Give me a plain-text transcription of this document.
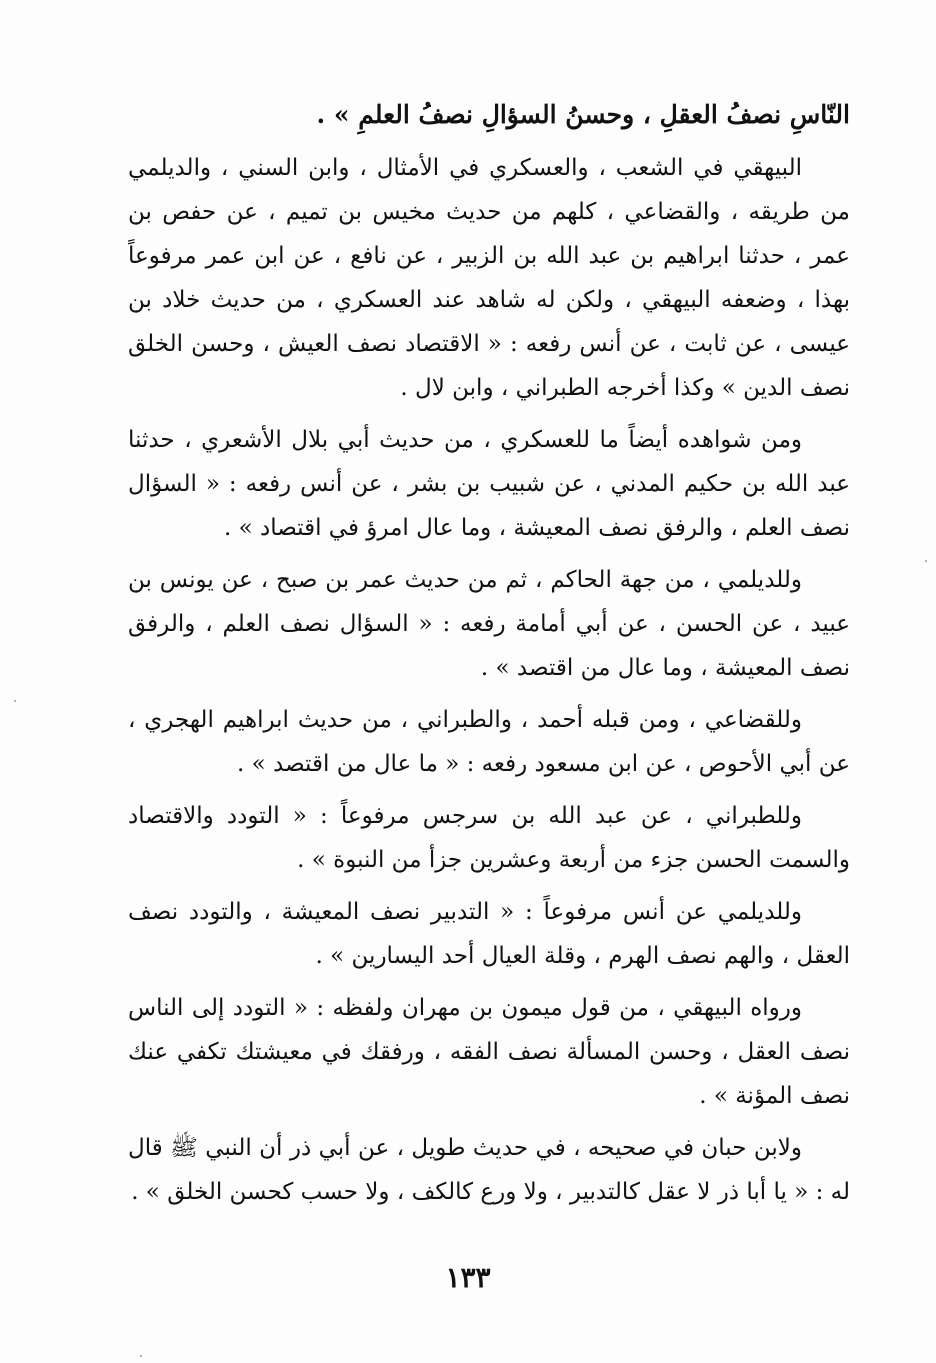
النّاسِ نصفُ العقلِ ، وحسنُ السؤالِ نصفُ العلمِ » .
البيهقي في الشعب ، والعسكري في الأمثال ، وابن السني ، والديلمي من طريقه ، والقضاعي ، كلهم من حديث مخيس بن تميم ، عن حفص بن عمر ، حدثنا ابراهيم بن عبد الله بن الزبير ، عن نافع ، عن ابن عمر مرفوعاً بهذا ، وضعفه البيهقي ، ولكن له شاهد عند العسكري ، من حديث خلاد بن عيسى ، عن ثابت ، عن أنس رفعه : « الاقتصاد نصف العيش ، وحسن الخلق نصف الدين » وكذا أخرجه الطبراني ، وابن لال .
ومن شواهده أيضاً ما للعسكري ، من حديث أبي بلال الأشعري ، حدثنا عبد الله بن حكيم المدني ، عن شبيب بن بشر ، عن أنس رفعه : « السؤال نصف العلم ، والرفق نصف المعيشة ، وما عال امرؤ في اقتصاد » .
وللديلمي ، من جهة الحاكم ، ثم من حديث عمر بن صبح ، عن يونس بن عبيد ، عن الحسن ، عن أبي أمامة رفعه : « السؤال نصف العلم ، والرفق نصف المعيشة ، وما عال من اقتصد » .
وللقضاعي ، ومن قبله أحمد ، والطبراني ، من حديث ابراهيم الهجري ، عن أبي الأحوص ، عن ابن مسعود رفعه : « ما عال من اقتصد » .
وللطبراني ، عن عبد الله بن سرجس مرفوعاً : « التودد والاقتصاد والسمت الحسن جزء من أربعة وعشرين جزأ من النبوة » .
وللديلمي عن أنس مرفوعاً : « التدبير نصف المعيشة ، والتودد نصف العقل ، والهم نصف الهرم ، وقلة العيال أحد اليسارين » .
ورواه البيهقي ، من قول ميمون بن مهران ولفظه : « التودد إلى الناس نصف العقل ، وحسن المسألة نصف الفقه ، ورفقك في معيشتك تكفي عنك نصف المؤنة » .
ولابن حبان في صحيحه ، في حديث طويل ، عن أبي ذر أن النبي ﷺ قال له : « يا أبا ذر لا عقل كالتدبير ، ولا ورع كالكف ، ولا حسب كحسن الخلق » .
١٣٣
